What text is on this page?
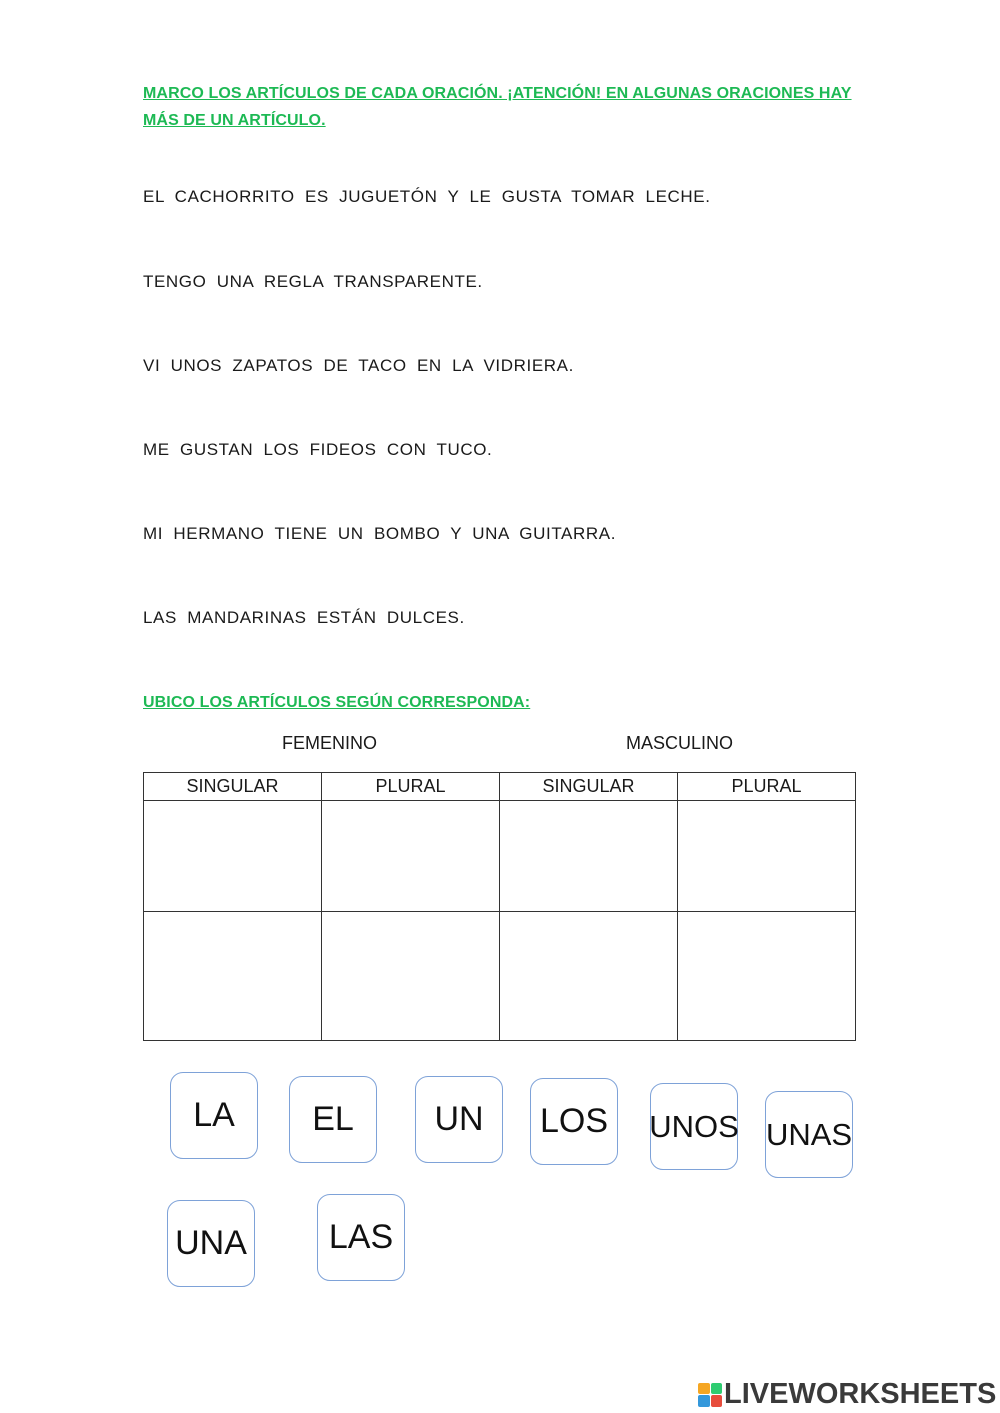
MARCO LOS ARTÍCULOS DE CADA ORACIÓN. ¡ATENCIÓN! EN ALGUNAS ORACIONES HAY MÁS DE UN ARTÍCULO.
EL CACHORRITO ES JUGUETÓN Y LE GUSTA TOMAR LECHE.
TENGO UNA REGLA TRANSPARENTE.
VI UNOS ZAPATOS DE TACO EN LA VIDRIERA.
ME GUSTAN LOS FIDEOS CON TUCO.
MI HERMANO TIENE UN BOMBO Y UNA GUITARRA.
LAS MANDARINAS ESTÁN DULCES.
UBICO LOS ARTÍCULOS SEGÚN CORRESPONDA:
FEMENINO	MASCULINO
SINGULAR	PLURAL	SINGULAR	PLURAL

LA	EL	UN	LOS	UNOS UNAS
UNA	LAS
LIVEWORKSHEETS
